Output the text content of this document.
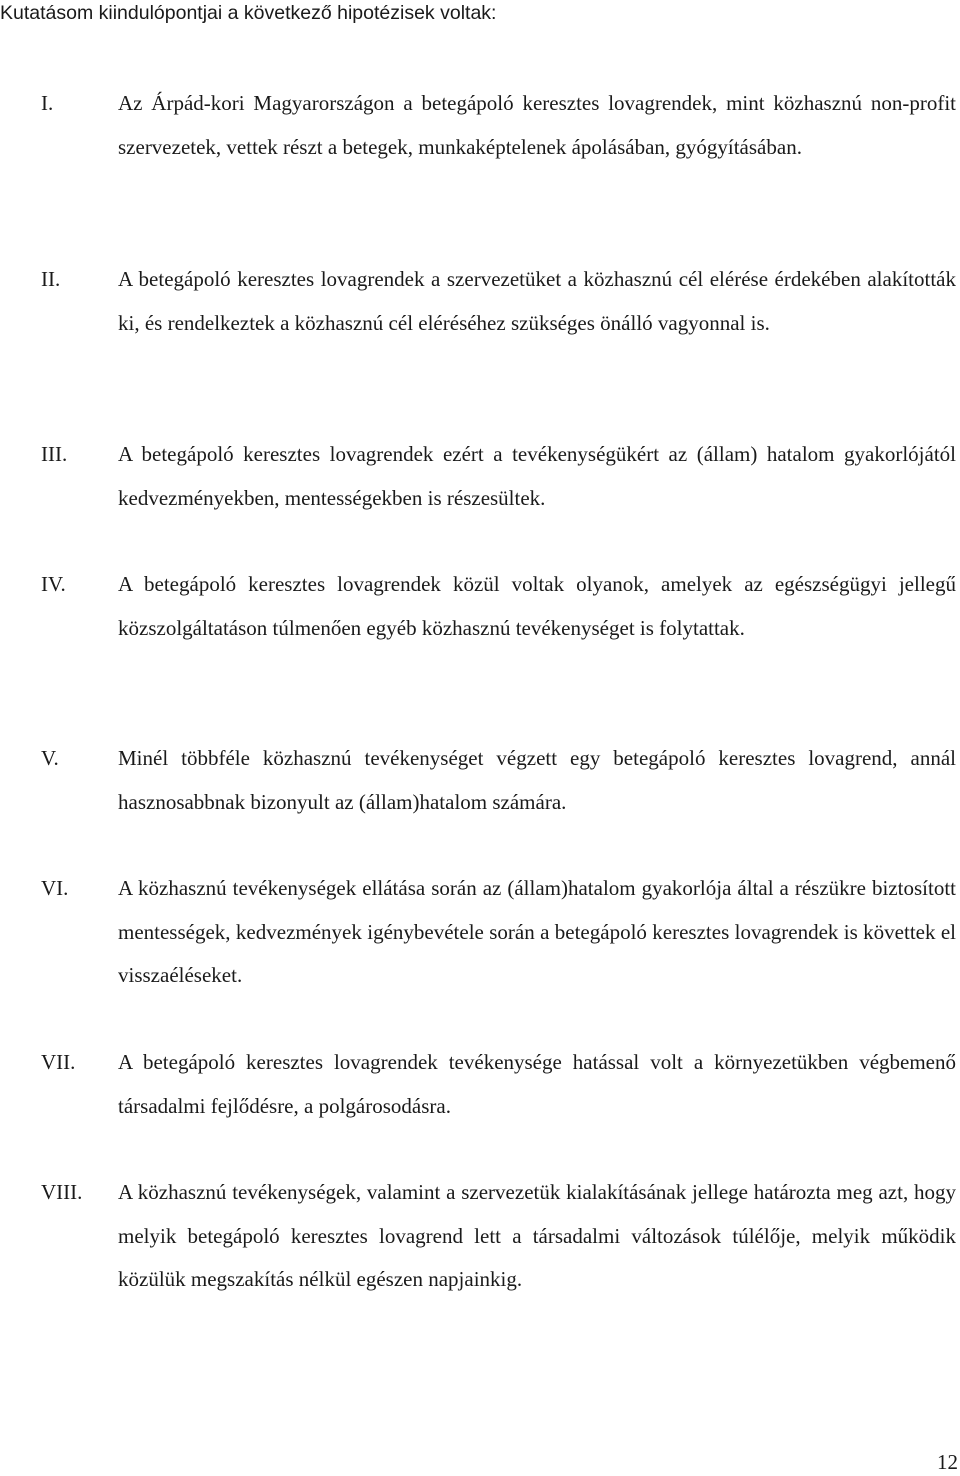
Kutatásom kiindulópontjai a következő hipotézisek voltak:
I.	Az Árpád-kori Magyarországon a betegápoló keresztes lovagrendek, mint közhasznú non-profit szervezetek, vettek részt a betegek, munkaképtelenek ápolásában, gyógyításában.
II.	A betegápoló keresztes lovagrendek a szervezetüket a közhasznú cél elérése érdekében alakították ki, és rendelkeztek a közhasznú cél eléréséhez szükséges önálló vagyonnal is.
III. A betegápoló keresztes lovagrendek ezért a tevékenységükért az (állam) hatalom gyakorlójától kedvezményekben, mentességekben is részesültek.
IV. A betegápoló keresztes lovagrendek közül voltak olyanok, amelyek az egészségügyi jellegű közszolgáltatáson túlmenően egyéb közhasznú tevékenységet is folytattak.
V.	Minél többféle közhasznú tevékenységet végzett egy betegápoló keresztes lovagrend, annál hasznosabbnak bizonyult az (állam)hatalom számára.
VI. A közhasznú tevékenységek ellátása során az (állam)hatalom gyakorlója által a részükre biztosított mentességek, kedvezmények igénybevétele során a betegápoló keresztes lovagrendek is követtek el visszaéléseket.
VII. A betegápoló keresztes lovagrendek tevékenysége hatással volt a környezetükben végbemenő társadalmi fejlődésre, a polgárosodásra.
VIII. A közhasznú tevékenységek, valamint a szervezetük kialakításának jellege határozta meg azt, hogy melyik betegápoló keresztes lovagrend lett a társadalmi változások túlélője, melyik működik közülük megszakítás nélkül egészen napjainkig.
12
